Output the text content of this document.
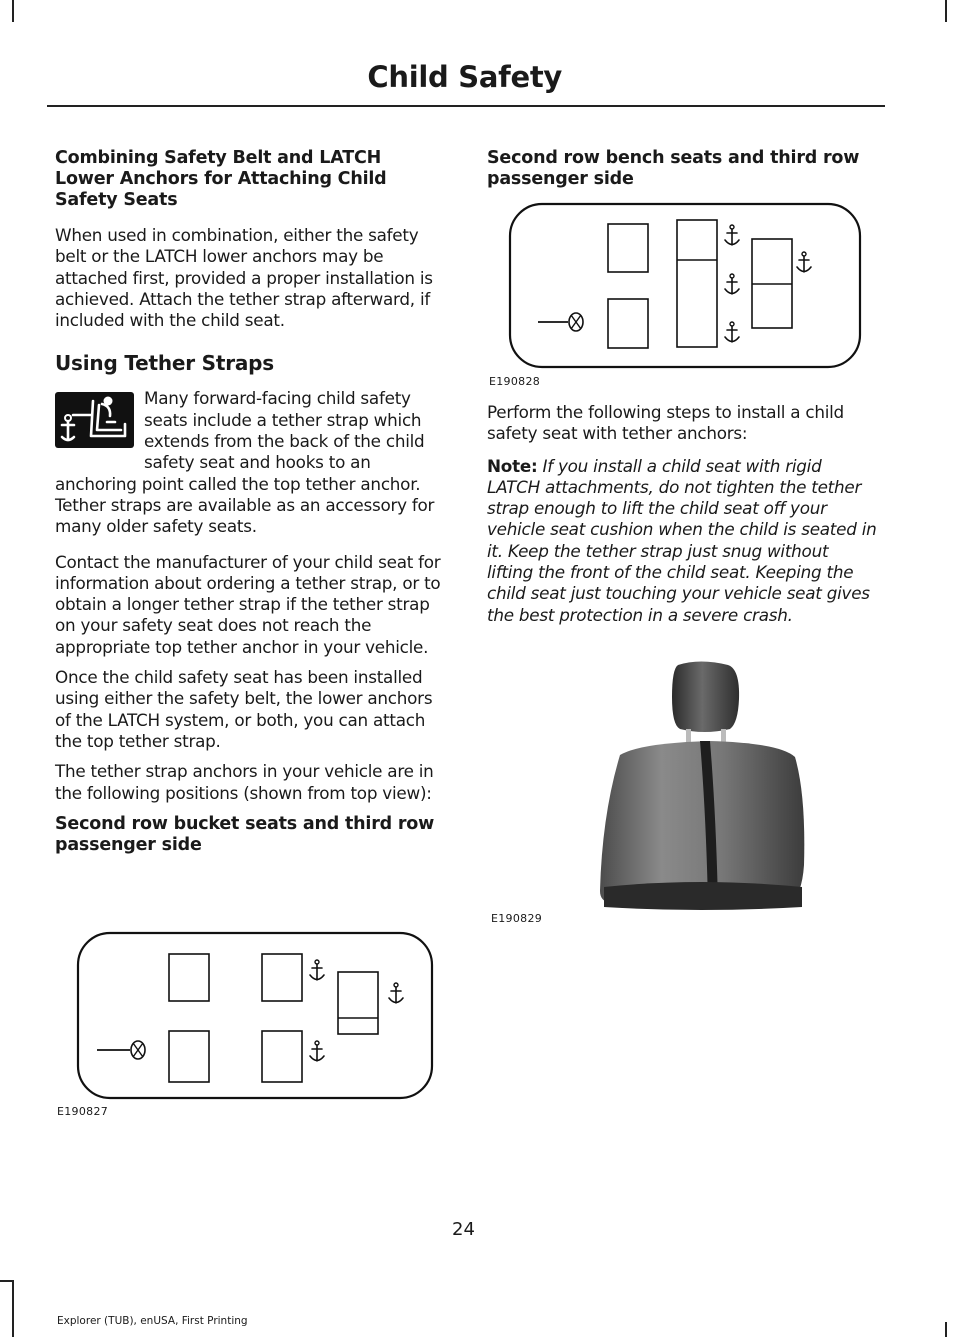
Child Safety
Combining Safety Belt and LATCH Lower Anchors for Attaching Child Safety Seats

When used in combination, either the safety belt or the LATCH lower anchors may be attached first, provided a proper installation is achieved. Attach the tether strap afterward, if included with the child seat.

Using Tether Straps

Many forward-facing child safety seats include a tether strap which extends from the back of the child safety seat and hooks to an anchoring point called the top tether anchor. Tether straps are available as an accessory for many older safety seats.

Contact the manufacturer of your child seat for information about ordering a tether strap, or to obtain a longer tether strap if the tether strap on your safety seat does not reach the appropriate top tether anchor in your vehicle.

Once the child safety seat has been installed using either the safety belt, the lower anchors of the LATCH system, or both, you can attach the top tether strap.

The tether strap anchors in your vehicle are in the following positions (shown from top view):

Second row bucket seats and third row passenger side
E190827
Second row bench seats and third row passenger side
E190828

Perform the following steps to install a child safety seat with tether anchors:

Note: If you install a child seat with rigid LATCH attachments, do not tighten the tether strap enough to lift the child seat off your vehicle seat cushion when the child is seated in it. Keep the tether strap just snug without lifting the front of the child seat. Keeping the child seat just touching your vehicle seat gives the best protection in a severe crash.

E190829
24
Explorer (TUB), enUSA, First Printing
